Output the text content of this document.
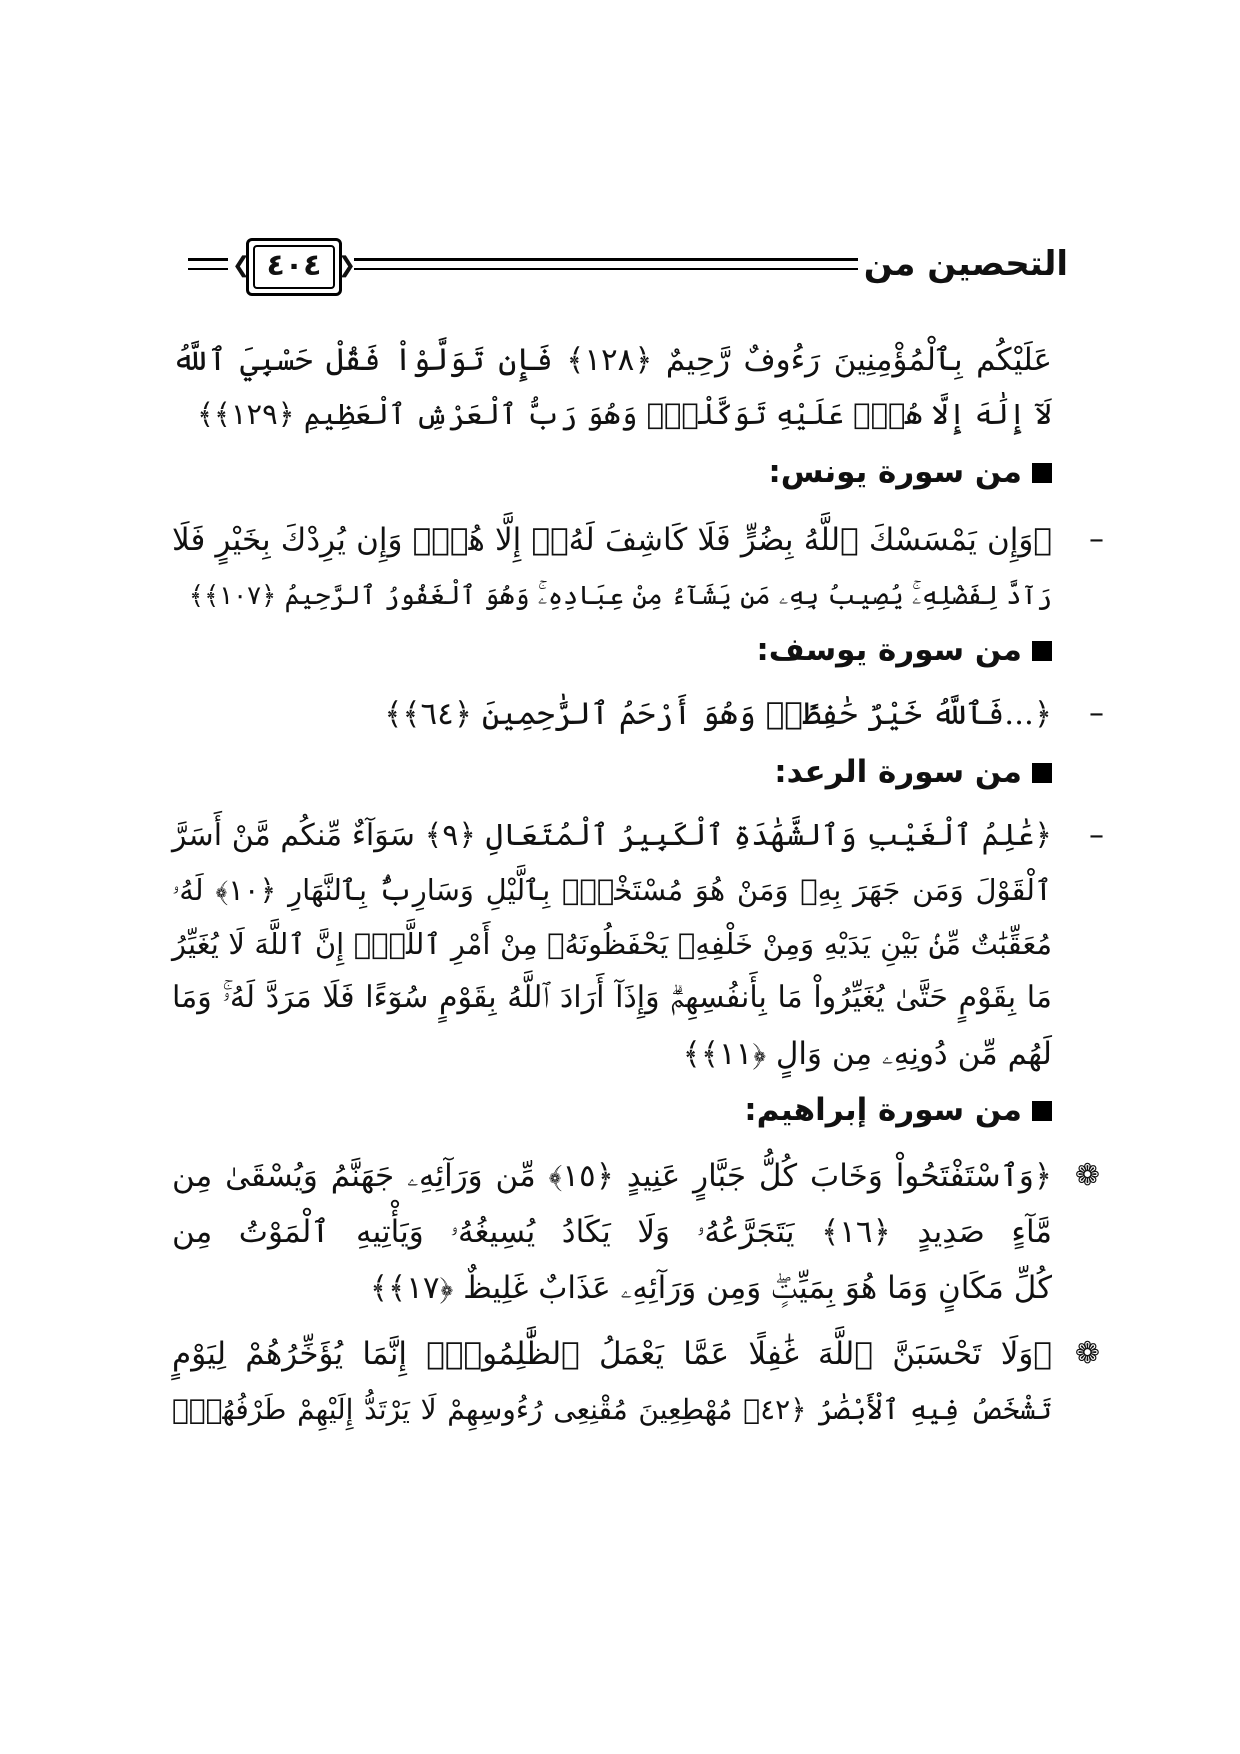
التحصين من
❮	❯
٤٠٤
عَلَيْكُم بِٱلْمُؤْمِنِينَ رَءُوفٌ رَّحِيمٌ ﴿١٢٨﴾ فَإِن تَوَلَّوْاْ فَقُلْ حَسْبِيَ ٱللَّهُ
لَآ إِلَٰهَ إِلَّا هُوَۖ عَلَيْهِ تَوَكَّلْتُۖ وَهُوَ رَبُّ ٱلْعَرْشِ ٱلْعَظِيمِ ﴿١٢٩﴾﴾
من سورة يونس:
–
﴿وَإِن يَمْسَسْكَ ٱللَّهُ بِضُرٍّ فَلَا كَاشِفَ لَهُۥٓ إِلَّا هُوَۖ وَإِن يُرِدْكَ بِخَيْرٍ فَلَا
رَآدَّ لِفَضْلِهِۦۚ يُصِيبُ بِهِۦ مَن يَشَآءُ مِنْ عِبَادِهِۦۚ وَهُوَ ٱلْغَفُورُ ٱلرَّحِيمُ ﴿١٠٧﴾﴾
من سورة يوسف:
–
﴿...فَٱللَّهُ خَيْرٌ حَٰفِظًاۖ وَهُوَ أَرْحَمُ ٱلرَّٰحِمِينَ ﴿٦٤﴾﴾
من سورة الرعد:
–
﴿عَٰلِمُ ٱلْغَيْبِ وَٱلشَّهَٰدَةِ ٱلْكَبِيرُ ٱلْمُتَعَالِ ﴿٩﴾ سَوَآءٌ مِّنكُم مَّنْ أَسَرَّ
ٱلْقَوْلَ وَمَن جَهَرَ بِهِۦ وَمَنْ هُوَ مُسْتَخْفٍۭ بِٱلَّيْلِ وَسَارِبٌۢ بِٱلنَّهَارِ ﴿١٠﴾ لَهُۥ
مُعَقِّبَٰتٌ مِّنۢ بَيْنِ يَدَيْهِ وَمِنْ خَلْفِهِۦ يَحْفَظُونَهُۥ مِنْ أَمْرِ ٱللَّهِۗ إِنَّ ٱللَّهَ لَا يُغَيِّرُ
مَا بِقَوْمٍ حَتَّىٰ يُغَيِّرُواْ مَا بِأَنفُسِهِمْۗ وَإِذَآ أَرَادَ ٱللَّهُ بِقَوْمٍ سُوٓءًا فَلَا مَرَدَّ لَهُۥۚ وَمَا
لَهُم مِّن دُونِهِۦ مِن وَالٍ ﴿١١﴾﴾
من سورة إبراهيم:
❁
﴿وَٱسْتَفْتَحُواْ وَخَابَ كُلُّ جَبَّارٍ عَنِيدٍ ﴿١٥﴾ مِّن وَرَآئِهِۦ جَهَنَّمُ وَيُسْقَىٰ مِن
مَّآءٍ صَدِيدٍ ﴿١٦﴾ يَتَجَرَّعُهُۥ وَلَا يَكَادُ يُسِيغُهُۥ وَيَأْتِيهِ ٱلْمَوْتُ مِن
كُلِّ مَكَانٍ وَمَا هُوَ بِمَيِّتٍۖ وَمِن وَرَآئِهِۦ عَذَابٌ غَلِيظٌ ﴿١٧﴾﴾
❁
﴿وَلَا تَحْسَبَنَّ ٱللَّهَ غَٰفِلًا عَمَّا يَعْمَلُ ٱلظَّٰلِمُونَۚ إِنَّمَا يُؤَخِّرُهُمْ لِيَوْمٍ
تَشْخَصُ فِيهِ ٱلْأَبْصَٰرُ ﴿٤٢﴾ مُهْطِعِينَ مُقْنِعِى رُءُوسِهِمْ لَا يَرْتَدُّ إِلَيْهِمْ طَرْفُهُمْۖ
